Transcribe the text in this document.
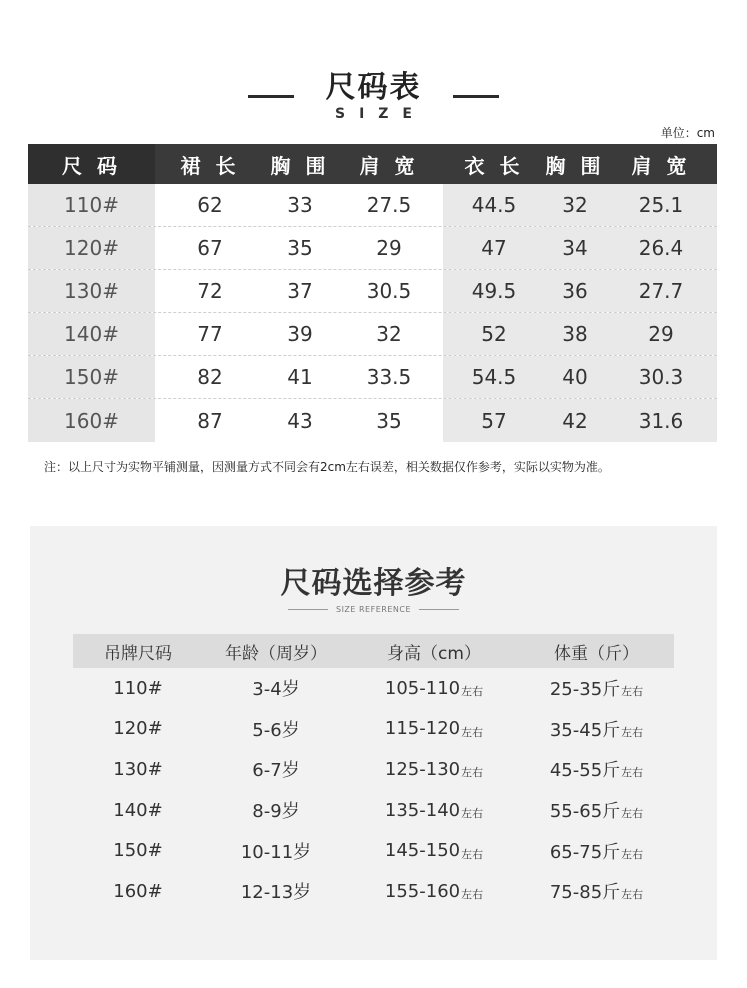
尺码表
SIZE

单位：cm
尺 码	裙 长	胸 围	肩 宽	衣 长	胸 围	肩 宽
110#	62	33	27.5	44.5	32	25.1
120#	67	35	29	47	34	26.4
130#	72	37	30.5	49.5	36	27.7
140#	77	39	32	52	38	29
150#	82	41	33.5	54.5	40	30.3
160#	87	43	35	57	42	31.6
注：以上尺寸为实物平铺测量，因测量方式不同会有2cm左右误差，相关数据仅作参考，实际以实物为准。
尺码选择参考
SIZE REFERENCE
吊牌尺码	年龄（周岁）	身高（cm）	体重（斤）
110#	3-4岁	105-110 左右	25-35斤 左右
120#	5-6岁	115-120 左右	35-45斤 左右
130#	6-7岁	125-130 左右	45-55斤 左右
140#	8-9岁	135-140 左右	55-65斤 左右
150#	10-11岁	145-150 左右	65-75斤 左右
160#	12-13岁	155-160 左右	75-85斤 左右
